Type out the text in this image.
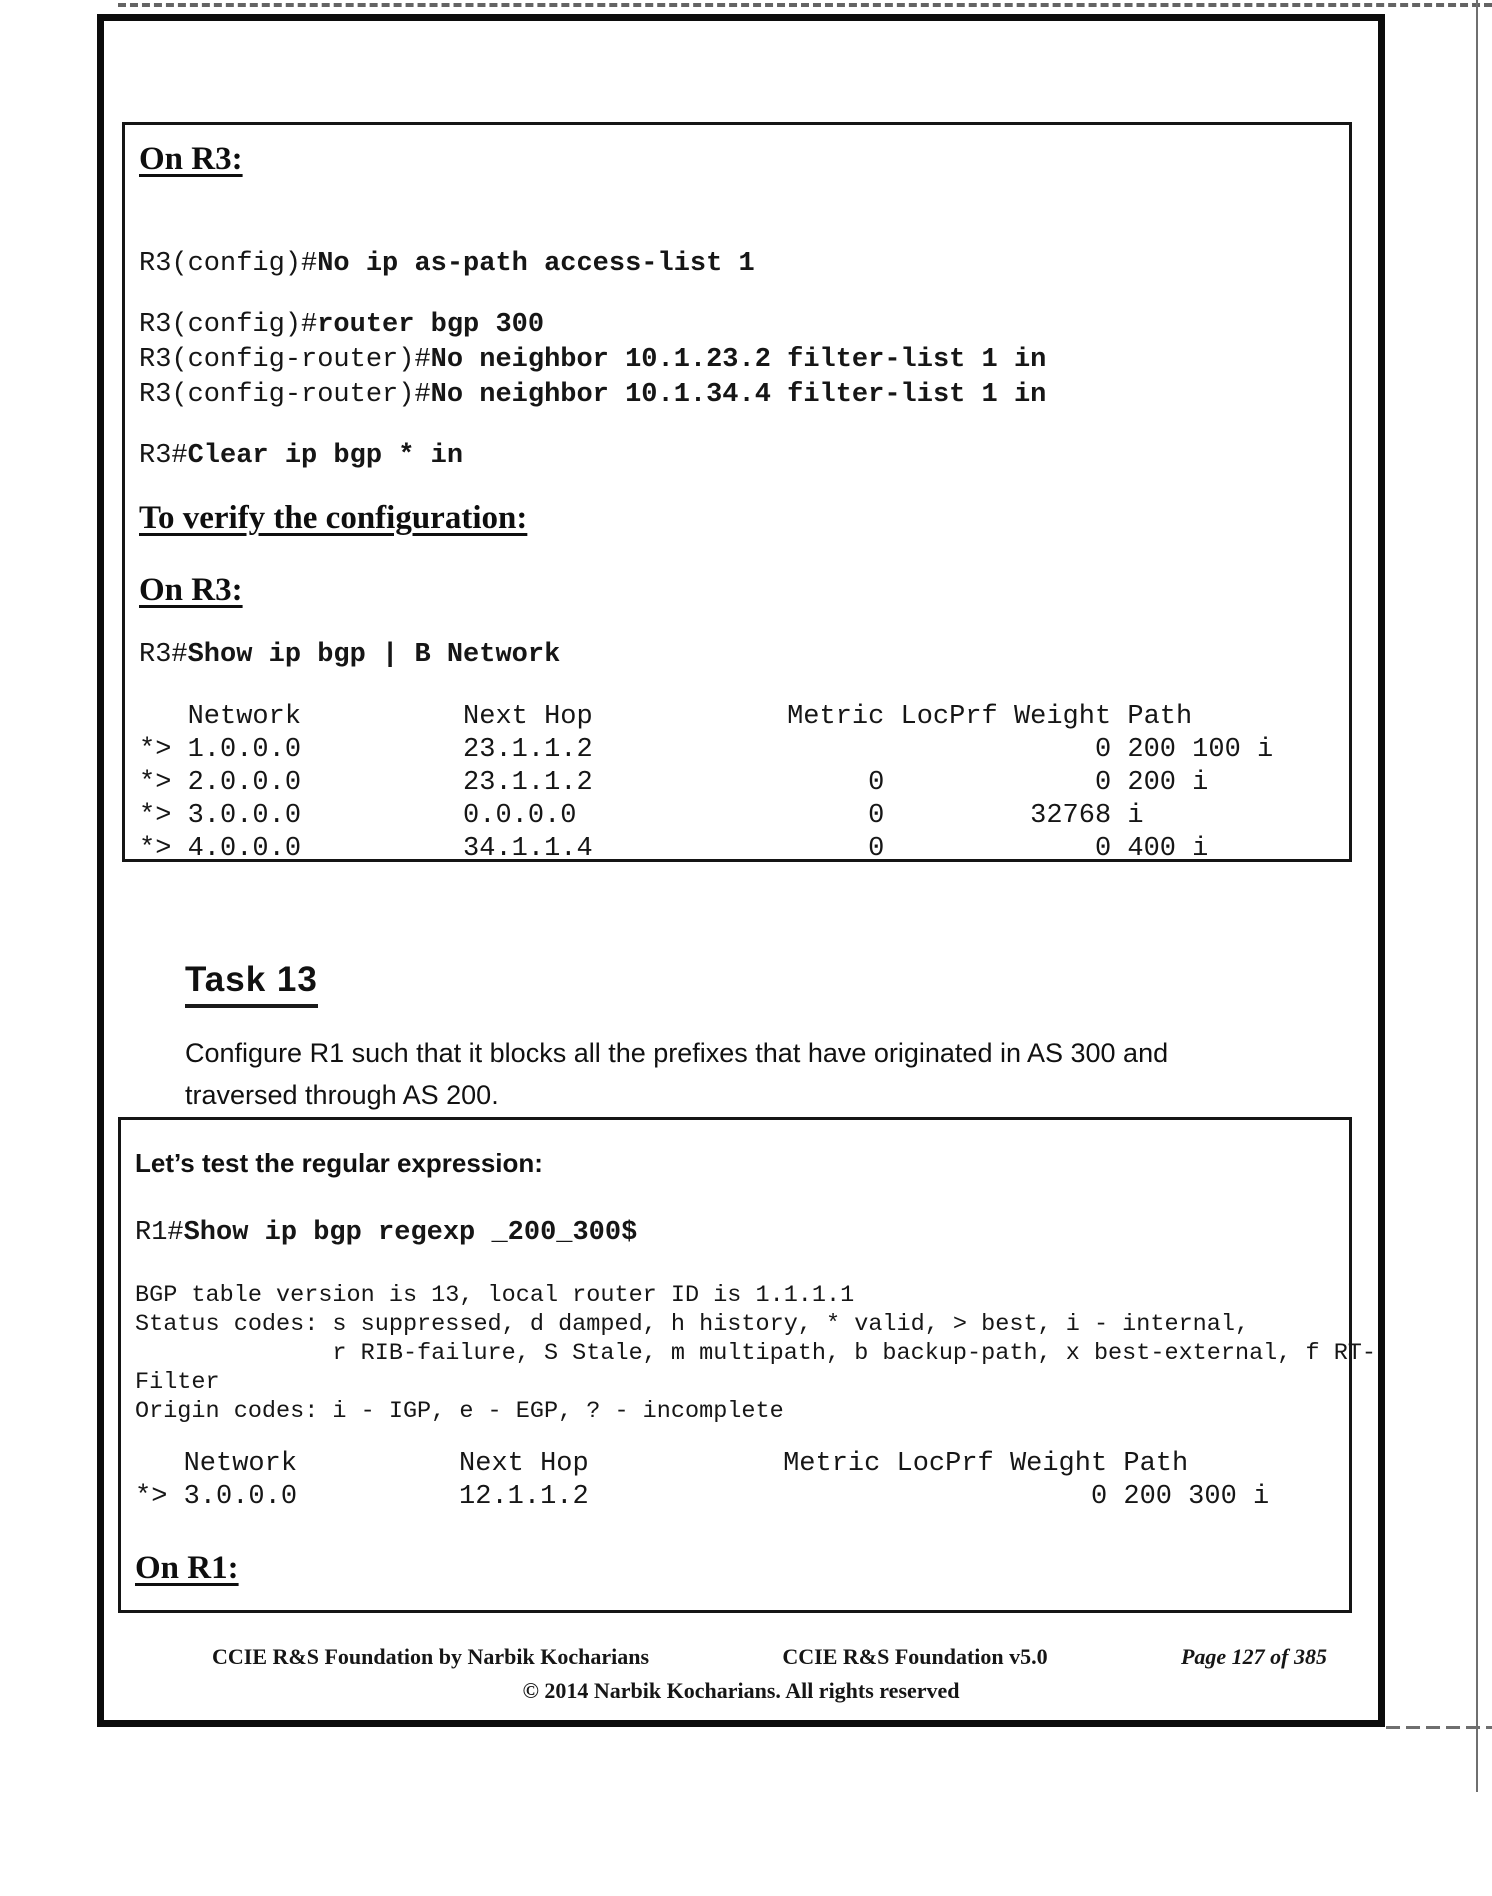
On R3:
R3(config)#No ip as-path access-list 1
R3(config)#router bgp 300
R3(config-router)#No neighbor 10.1.23.2 filter-list 1 in
R3(config-router)#No neighbor 10.1.34.4 filter-list 1 in
R3#Clear ip bgp * in
To verify the configuration:
On R3:
R3#Show ip bgp | B Network
Network          Next Hop            Metric LocPrf Weight Path
*> 1.0.0.0          23.1.1.2                               0 200 100 i
*> 2.0.0.0          23.1.1.2                 0             0 200 i
*> 3.0.0.0          0.0.0.0                  0         32768 i
*> 4.0.0.0          34.1.1.4                 0             0 400 i
Task 13
Configure R1 such that it blocks all the prefixes that have originated in AS 300 and traversed through AS 200.
Let’s test the regular expression:
R1#Show ip bgp regexp _200_300$
BGP table version is 13, local router ID is 1.1.1.1
Status codes: s suppressed, d damped, h history, * valid, > best, i - internal,
r RIB-failure, S Stale, m multipath, b backup-path, x best-external, f RT-
Filter
Origin codes: i - IGP, e - EGP, ? - incomplete
Network          Next Hop            Metric LocPrf Weight Path
*> 3.0.0.0          12.1.1.2                               0 200 300 i
On R1:
CCIE R&S Foundation by Narbik Kocharians	CCIE R&S Foundation v5.0	Page 127 of 385
© 2014 Narbik Kocharians. All rights reserved
